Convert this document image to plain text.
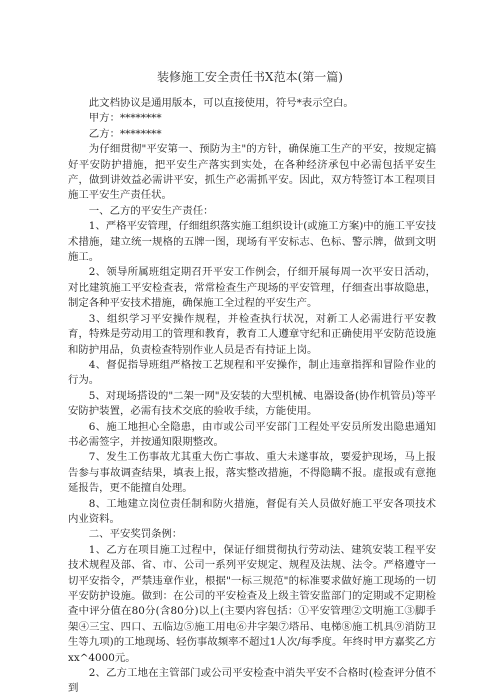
装修施工安全责任书X范本(第一篇)

此文档协议是通用版本，可以直接使用，符号*表示空白。

甲方：********

乙方：********

为仔细贯彻"平安第一、预防为主"的方针，确保施工生产的平安，按规定搞好平安防护措施，把平安生产落实到实处，在各种经济承包中必需包括平安生产，做到讲效益必需讲平安，抓生产必需抓平安。因此，双方特签订本工程项目施工平安生产责任状。

一、乙方的平安生产责任：

1、严格平安管理，仔细组织落实施工组织设计(或施工方案)中的施工平安技术措施，建立统一规格的五牌一图，现场有平安标志、色标、警示牌，做到文明施工。

2、领导所属班组定期召开平安工作例会，仔细开展每周一次平安日活动，对比建筑施工平安检查表，常常检查生产现场的平安管理，仔细查出事故隐患，制定各种平安技术措施，确保施工全过程的平安生产。

3、组织学习平安操作规程，并检查执行状况，对新工人必需进行平安教育，特殊是劳动用工的管理和教育，教育工人遵章守纪和正确使用平安防范设施和防护用品，负责检查特别作业人员是否有持证上岗。

4、督促指导班组严格按工艺规程和平安操作，制止违章指挥和冒险作业的行为。

5、对现场搭设的"二架一网"及安装的大型机械、电器设备(协作机管员)等平安防护装置，必需有技术交底的验收手续，方能使用。

6、施工地担心全隐患，由市或公司平安部门工程处平安员所发出隐患通知书必需签字，并按通知限期整改。

7、发生工伤事故尤其重大伤亡事故、重大未遂事故，要爱护现场，马上报告参与事故调查结果，填表上报，落实整改措施，不得隐瞒不报。虚报或有意拖延报告，更不能擅自处理。

8、工地建立岗位责任制和防火措施，督促有关人员做好施工平安各项技术内业资料。

二、平安奖罚条例：

1、乙方在项目施工过程中，保证仔细贯彻执行劳动法、建筑安装工程平安技术规程及部、省、市、公司一系列平安规定、规程及法规、法令。严格遵守一切平安指令，严禁违章作业，根据"一标三规范"的标准要求做好施工现场的一切平安防护设施。做到：在公司的平安检查及上级主管安监部门的定期或不定期检查中评分值在80分(含80分)以上(主要内容包括：①平安管理②文明施工③脚手架④三宝、四口、五临边⑤施工用电⑥井字架⑦塔吊、电梯⑧施工机具⑨消防卫生等九项)的工地现场、轻伤事故频率不超过1人次/每季度。年终时甲方嘉奖乙方xx^4000元。

2、乙方工地在主管部门或公司平安检查中消失平安不合格时(检查评分值不到
